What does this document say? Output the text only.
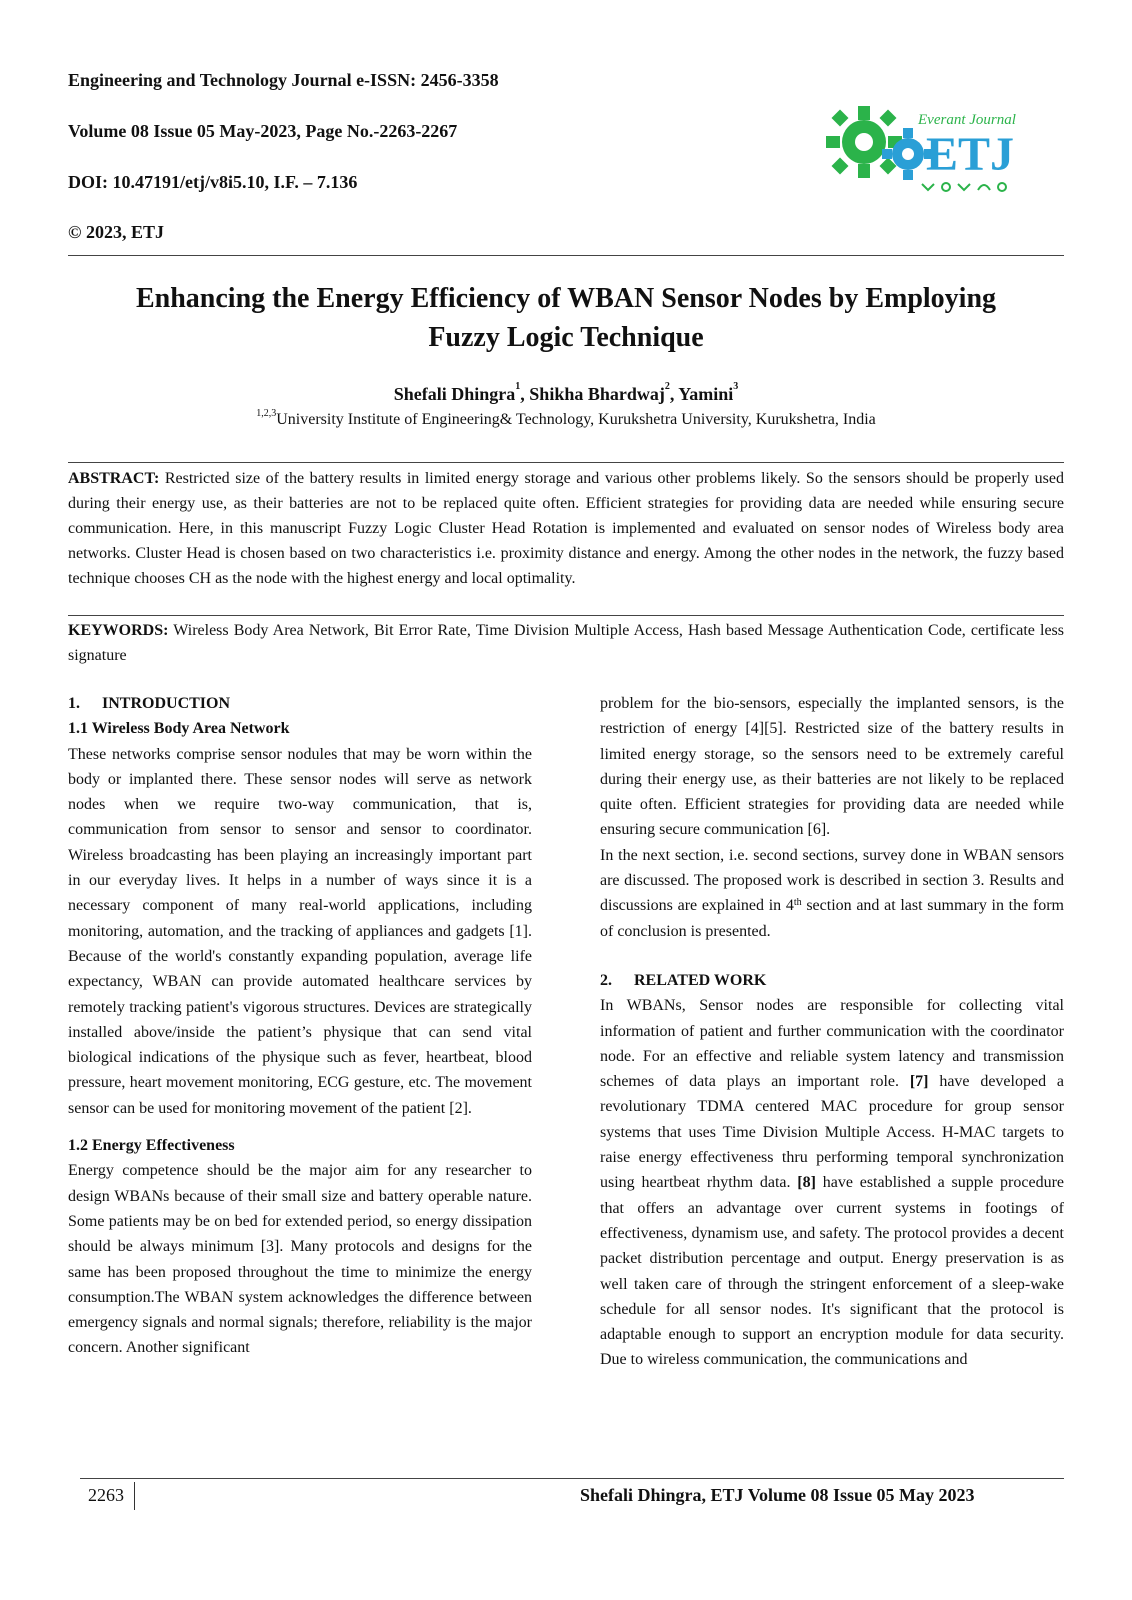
Engineering and Technology Journal e-ISSN: 2456-3358
Volume 08 Issue 05 May-2023, Page No.-2263-2267
DOI: 10.47191/etj/v8i5.10, I.F. – 7.136
© 2023, ETJ
Everant Journal
ETJ
Enhancing the Energy Efficiency of WBAN Sensor Nodes by Employing
Fuzzy Logic Technique
Shefali Dhingra$^1$, Shikha Bhardwaj$^2$, Yamini$^3$
$^{1,2,3}$University Institute of Engineering& Technology, Kurukshetra University, Kurukshetra, India
ABSTRACT: Restricted size of the battery results in limited energy storage and various other problems likely. So the sensors should be properly used during their energy use, as their batteries are not to be replaced quite often. Efficient strategies for providing data are needed while ensuring secure communication. Here, in this manuscript Fuzzy Logic Cluster Head Rotation is implemented and evaluated on sensor nodes of Wireless body area networks. Cluster Head is chosen based on two characteristics i.e. proximity distance and energy. Among the other nodes in the network, the fuzzy based technique chooses CH as the node with the highest energy and local optimality.
KEYWORDS: Wireless Body Area Network, Bit Error Rate, Time Division Multiple Access, Hash based Message Authentication Code, certificate less signature

1. INTRODUCTION

1.1 Wireless Body Area Network

These networks comprise sensor nodules that may be worn within the body or implanted there. These sensor nodes will serve as network nodes when we require two-way communication, that is, communication from sensor to sensor and sensor to coordinator. Wireless broadcasting has been playing an increasingly important part in our everyday lives. It helps in a number of ways since it is a necessary component of many real-world applications, including monitoring, automation, and the tracking of appliances and gadgets [1]. Because of the world's constantly expanding population, average life expectancy, WBAN can provide automated healthcare services by remotely tracking patient's vigorous structures. Devices are strategically installed above/inside the patient’s physique that can send vital biological indications of the physique such as fever, heartbeat, blood pressure, heart movement monitoring, ECG gesture, etc. The movement sensor can be used for monitoring movement of the patient [2].

1.2 Energy Effectiveness

Energy competence should be the major aim for any researcher to design WBANs because of their small size and battery operable nature. Some patients may be on bed for extended period, so energy dissipation should be always minimum [3]. Many protocols and designs for the same has been proposed throughout the time to minimize the energy consumption.The WBAN system acknowledges the difference between emergency signals and normal signals; therefore, reliability is the major concern. Another significant

problem for the bio-sensors, especially the implanted sensors, is the restriction of energy [4][5]. Restricted size of the battery results in limited energy storage, so the sensors need to be extremely careful during their energy use, as their batteries are not likely to be replaced quite often. Efficient strategies for providing data are needed while ensuring secure communication [6].

In the next section, i.e. second sections, survey done in WBAN sensors are discussed. The proposed work is described in section 3. Results and discussions are explained in 4th section and at last summary in the form of conclusion is presented.

2. RELATED WORK

In WBANs, Sensor nodes are responsible for collecting vital information of patient and further communication with the coordinator node. For an effective and reliable system latency and transmission schemes of data plays an important role. [7] have developed a revolutionary TDMA centered MAC procedure for group sensor systems that uses Time Division Multiple Access. H-MAC targets to raise energy effectiveness thru performing temporal synchronization using heartbeat rhythm data. [8] have established a supple procedure that offers an advantage over current systems in footings of effectiveness, dynamism use, and safety. The protocol provides a decent packet distribution percentage and output. Energy preservation is as well taken care of through the stringent enforcement of a sleep-wake schedule for all sensor nodes. It's significant that the protocol is adaptable enough to support an encryption module for data security. Due to wireless communication, the communications and

2263	Shefali Dhingra, ETJ Volume 08 Issue 05 May 2023
